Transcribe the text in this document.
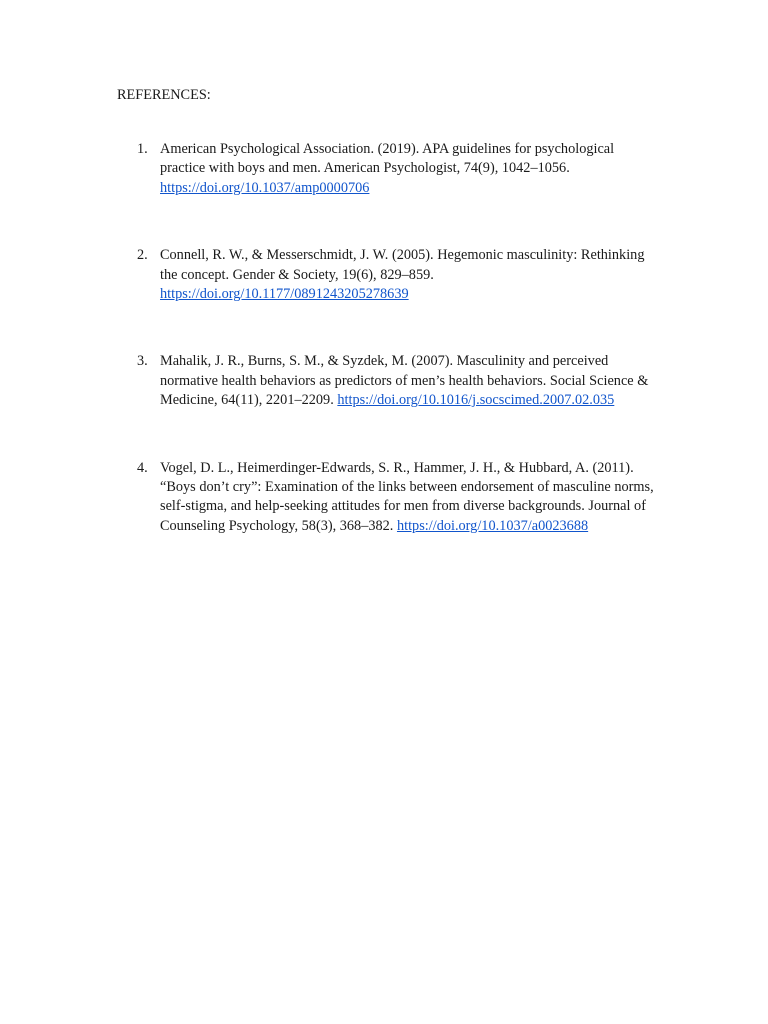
REFERENCES:
1. American Psychological Association. (2019). APA guidelines for psychological practice with boys and men. American Psychologist, 74(9), 1042–1056.
https://doi.org/10.1037/amp0000706
2. Connell, R. W., & Messerschmidt, J. W. (2005). Hegemonic masculinity: Rethinking the concept. Gender & Society, 19(6), 829–859.
https://doi.org/10.1177/0891243205278639
3. Mahalik, J. R., Burns, S. M., & Syzdek, M. (2007). Masculinity and perceived normative health behaviors as predictors of men’s health behaviors. Social Science & Medicine, 64(11), 2201–2209. https://doi.org/10.1016/j.socscimed.2007.02.035
4. Vogel, D. L., Heimerdinger-Edwards, S. R., Hammer, J. H., & Hubbard, A. (2011). “Boys don’t cry”: Examination of the links between endorsement of masculine norms, self-stigma, and help-seeking attitudes for men from diverse backgrounds. Journal of Counseling Psychology, 58(3), 368–382. https://doi.org/10.1037/a0023688
